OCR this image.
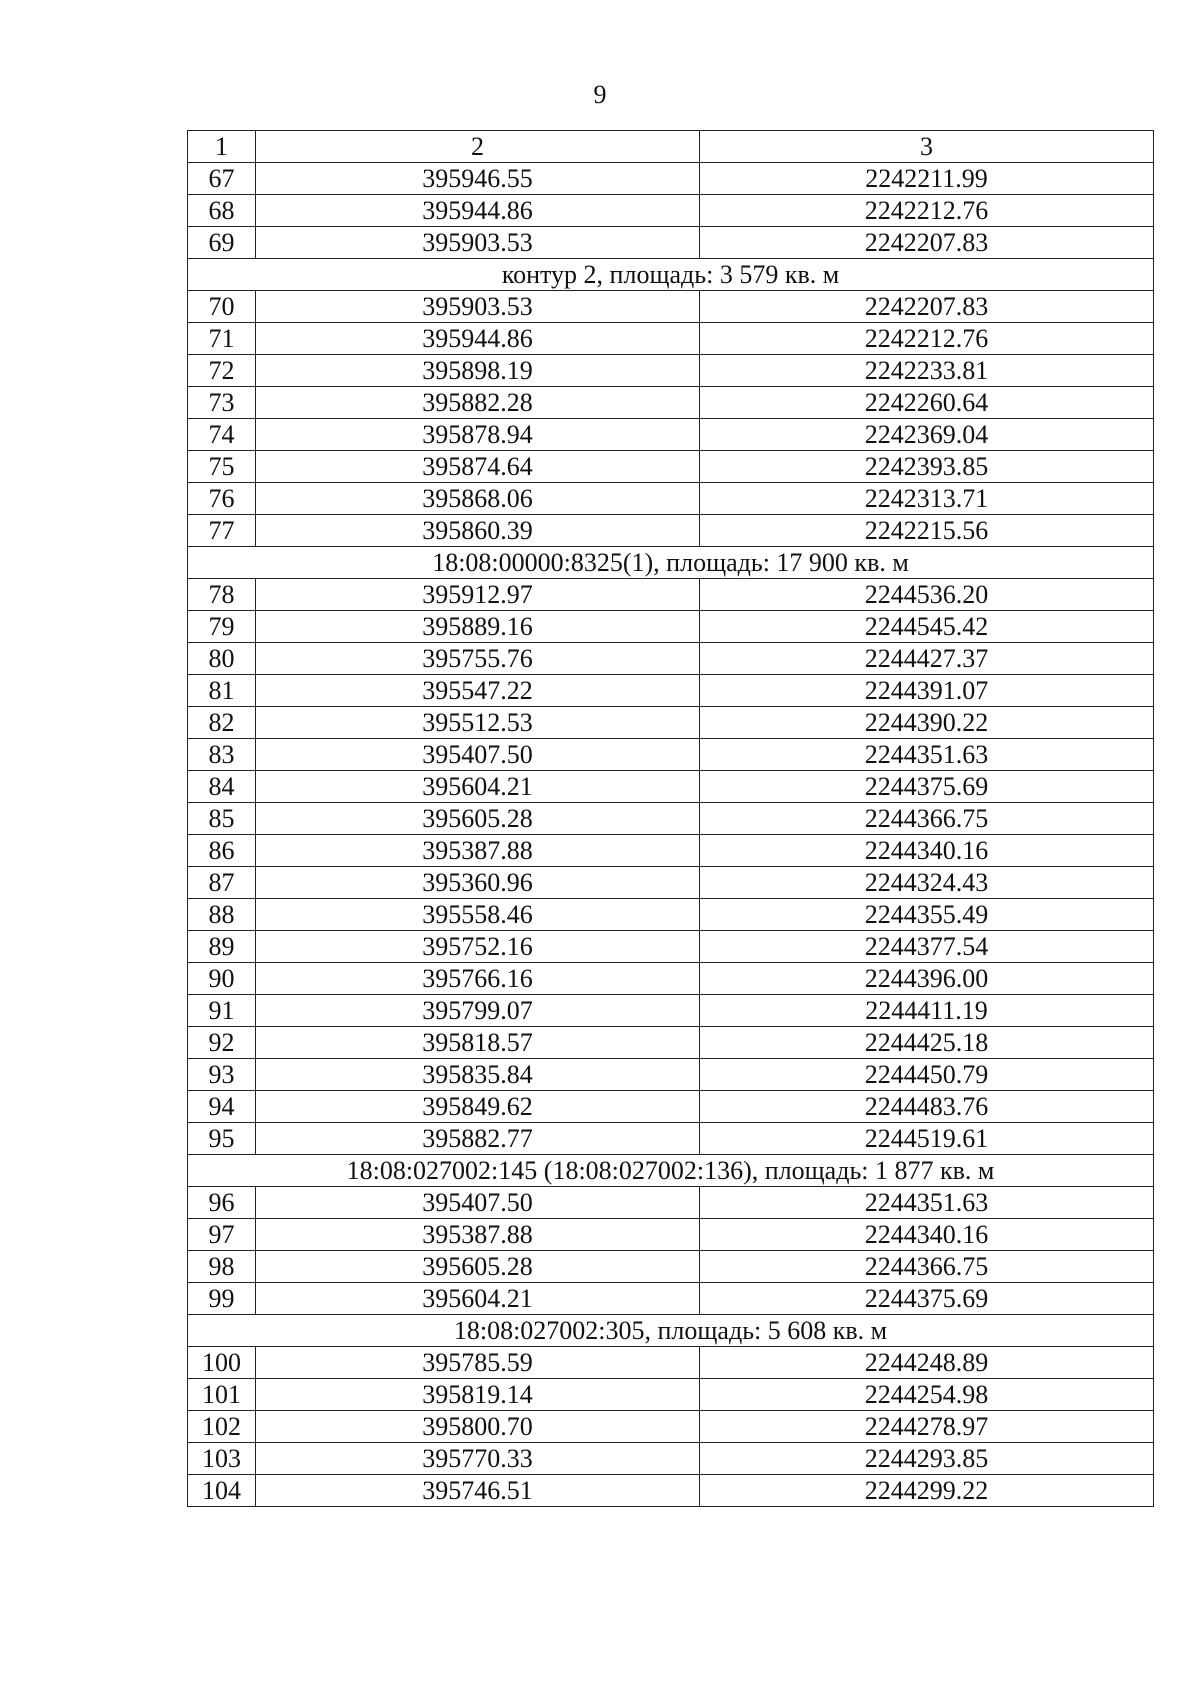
9
1	2	3
67	395946.55	2242211.99
68	395944.86	2242212.76
69	395903.53	2242207.83
контур 2, площадь: 3 579 кв. м		
70	395903.53	2242207.83
71	395944.86	2242212.76
72	395898.19	2242233.81
73	395882.28	2242260.64
74	395878.94	2242369.04
75	395874.64	2242393.85
76	395868.06	2242313.71
77	395860.39	2242215.56
18:08:00000:8325(1), площадь: 17 900 кв. м		
78	395912.97	2244536.20
79	395889.16	2244545.42
80	395755.76	2244427.37
81	395547.22	2244391.07
82	395512.53	2244390.22
83	395407.50	2244351.63
84	395604.21	2244375.69
85	395605.28	2244366.75
86	395387.88	2244340.16
87	395360.96	2244324.43
88	395558.46	2244355.49
89	395752.16	2244377.54
90	395766.16	2244396.00
91	395799.07	2244411.19
92	395818.57	2244425.18
93	395835.84	2244450.79
94	395849.62	2244483.76
95	395882.77	2244519.61
18:08:027002:145 (18:08:027002:136), площадь: 1 877 кв. м		
96	395407.50	2244351.63
97	395387.88	2244340.16
98	395605.28	2244366.75
99	395604.21	2244375.69
18:08:027002:305, площадь: 5 608 кв. м		
100	395785.59	2244248.89
101	395819.14	2244254.98
102	395800.70	2244278.97
103	395770.33	2244293.85
104	395746.51	2244299.22
